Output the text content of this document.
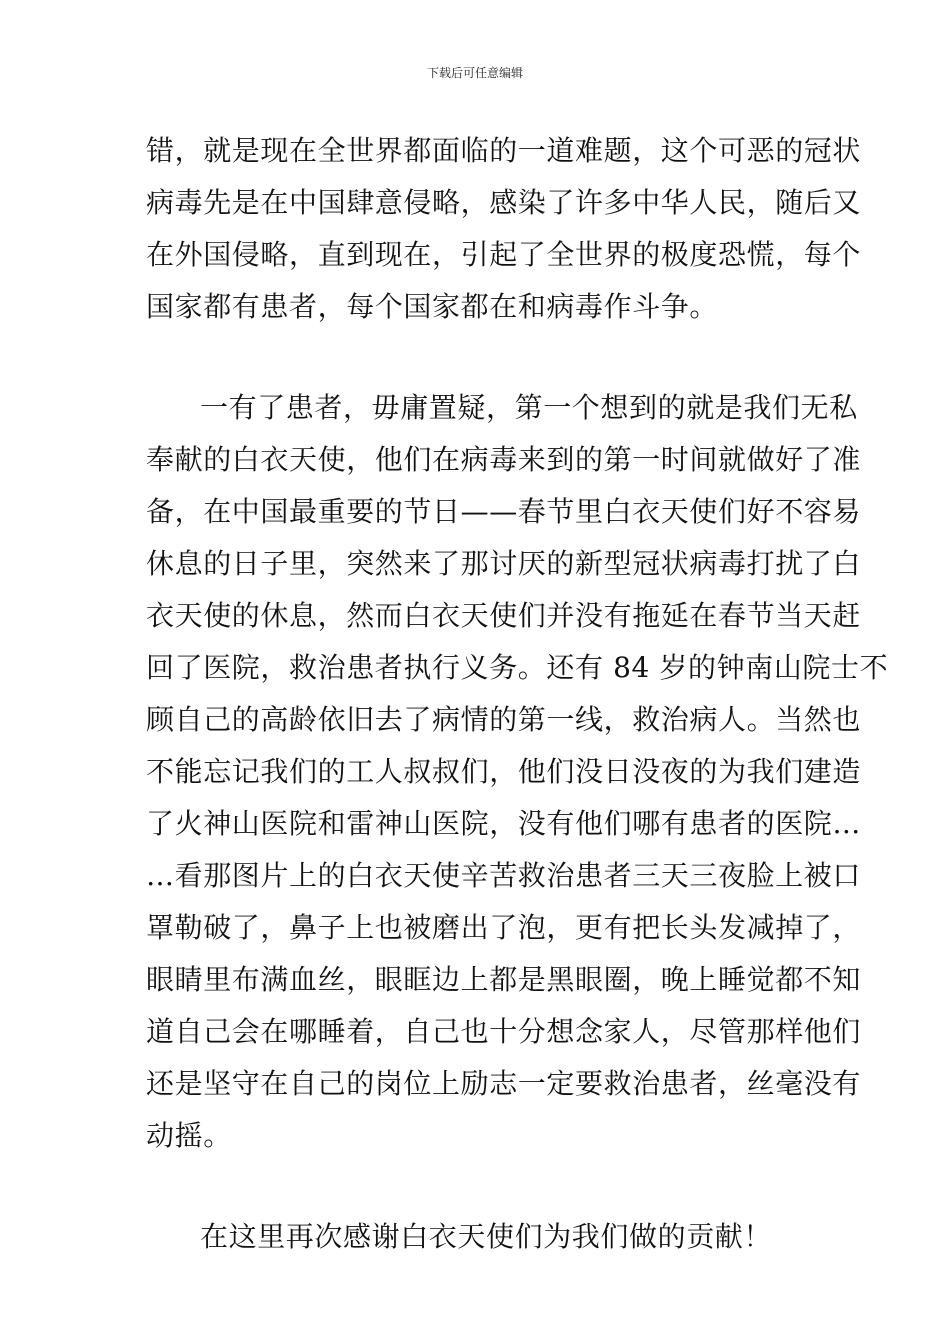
下载后可任意编辑
错，就是现在全世界都面临的一道难题，这个可恶的冠状
病毒先是在中国肆意侵略，感染了许多中华人民，随后又
在外国侵略，直到现在，引起了全世界的极度恐慌，每个
国家都有患者，每个国家都在和病毒作斗争。
一有了患者，毋庸置疑，第一个想到的就是我们无私
奉献的白衣天使，他们在病毒来到的第一时间就做好了准
备，在中国最重要的节日——春节里白衣天使们好不容易
休息的日子里，突然来了那讨厌的新型冠状病毒打扰了白
衣天使的休息，然而白衣天使们并没有拖延在春节当天赶
回了医院，救治患者执行义务。还有 84 岁的钟南山院士不
顾自己的高龄依旧去了病情的第一线，救治病人。当然也
不能忘记我们的工人叔叔们，他们没日没夜的为我们建造
了火神山医院和雷神山医院，没有他们哪有患者的医院…
…看那图片上的白衣天使辛苦救治患者三天三夜脸上被口
罩勒破了，鼻子上也被磨出了泡，更有把长头发减掉了，
眼睛里布满血丝，眼眶边上都是黑眼圈，晚上睡觉都不知
道自己会在哪睡着，自己也十分想念家人，尽管那样他们
还是坚守在自己的岗位上励志一定要救治患者，丝毫没有
动摇。
在这里再次感谢白衣天使们为我们做的贡献！
